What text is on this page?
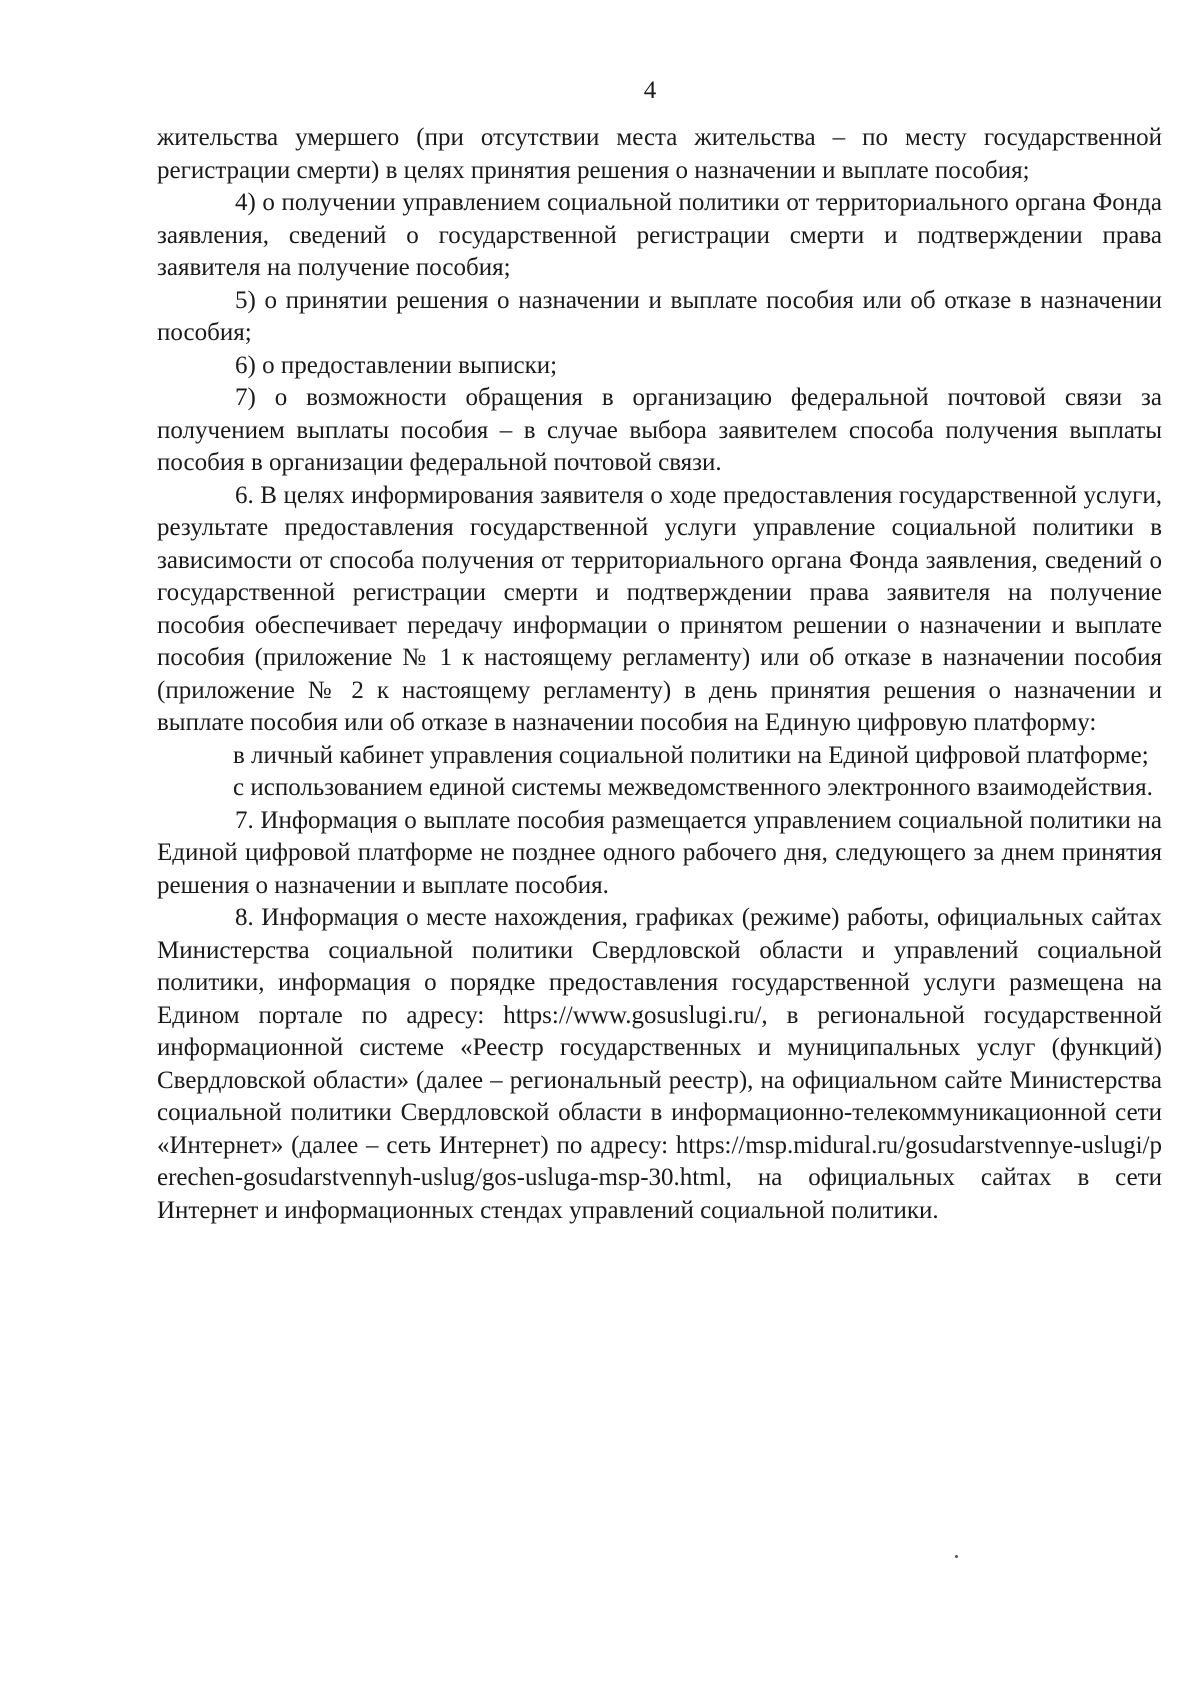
4

жительства умершего (при отсутствии места жительства – по месту государственной регистрации смерти) в целях принятия решения о назначении и выплате пособия;

4) о получении управлением социальной политики от территориального органа Фонда заявления, сведений о государственной регистрации смерти и подтверждении права заявителя на получение пособия;

5) о принятии решения о назначении и выплате пособия или об отказе в назначении пособия;

6) о предоставлении выписки;

7) о возможности обращения в организацию федеральной почтовой связи за получением выплаты пособия – в случае выбора заявителем способа получения выплаты пособия в организации федеральной почтовой связи.

6. В целях информирования заявителя о ходе предоставления государственной услуги, результате предоставления государственной услуги управление социальной политики в зависимости от способа получения от территориального органа Фонда заявления, сведений о государственной регистрации смерти и подтверждении права заявителя на получение пособия обеспечивает передачу информации о принятом решении о назначении и выплате пособия (приложение № 1 к настоящему регламенту) или об отказе в назначении пособия (приложение № 2 к настоящему регламенту) в день принятия решения о назначении и выплате пособия или об отказе в назначении пособия на Единую цифровую платформу:

в личный кабинет управления социальной политики на Единой цифровой платформе;

с использованием единой системы межведомственного электронного взаимодействия.

7. Информация о выплате пособия размещается управлением социальной политики на Единой цифровой платформе не позднее одного рабочего дня, следующего за днем принятия решения о назначении и выплате пособия.

8. Информация о месте нахождения, графиках (режиме) работы, официальных сайтах Министерства социальной политики Свердловской области и управлений социальной политики, информация о порядке предоставления государственной услуги размещена на Едином портале по адресу: https://www.gosuslugi.ru/, в региональной государственной информационной системе «Реестр государственных и муниципальных услуг (функций) Свердловской области» (далее – региональный реестр), на официальном сайте Министерства социальной политики Свердловской области в информационно-телекоммуникационной сети «Интернет» (далее – сеть Интернет) по адресу: https://msp.midural.ru/gosudarstvennye-uslugi/perechen-gosudarstvennyh-uslug/gos-usluga-msp-30.html, на официальных сайтах в сети Интернет и информационных стендах управлений социальной политики.
